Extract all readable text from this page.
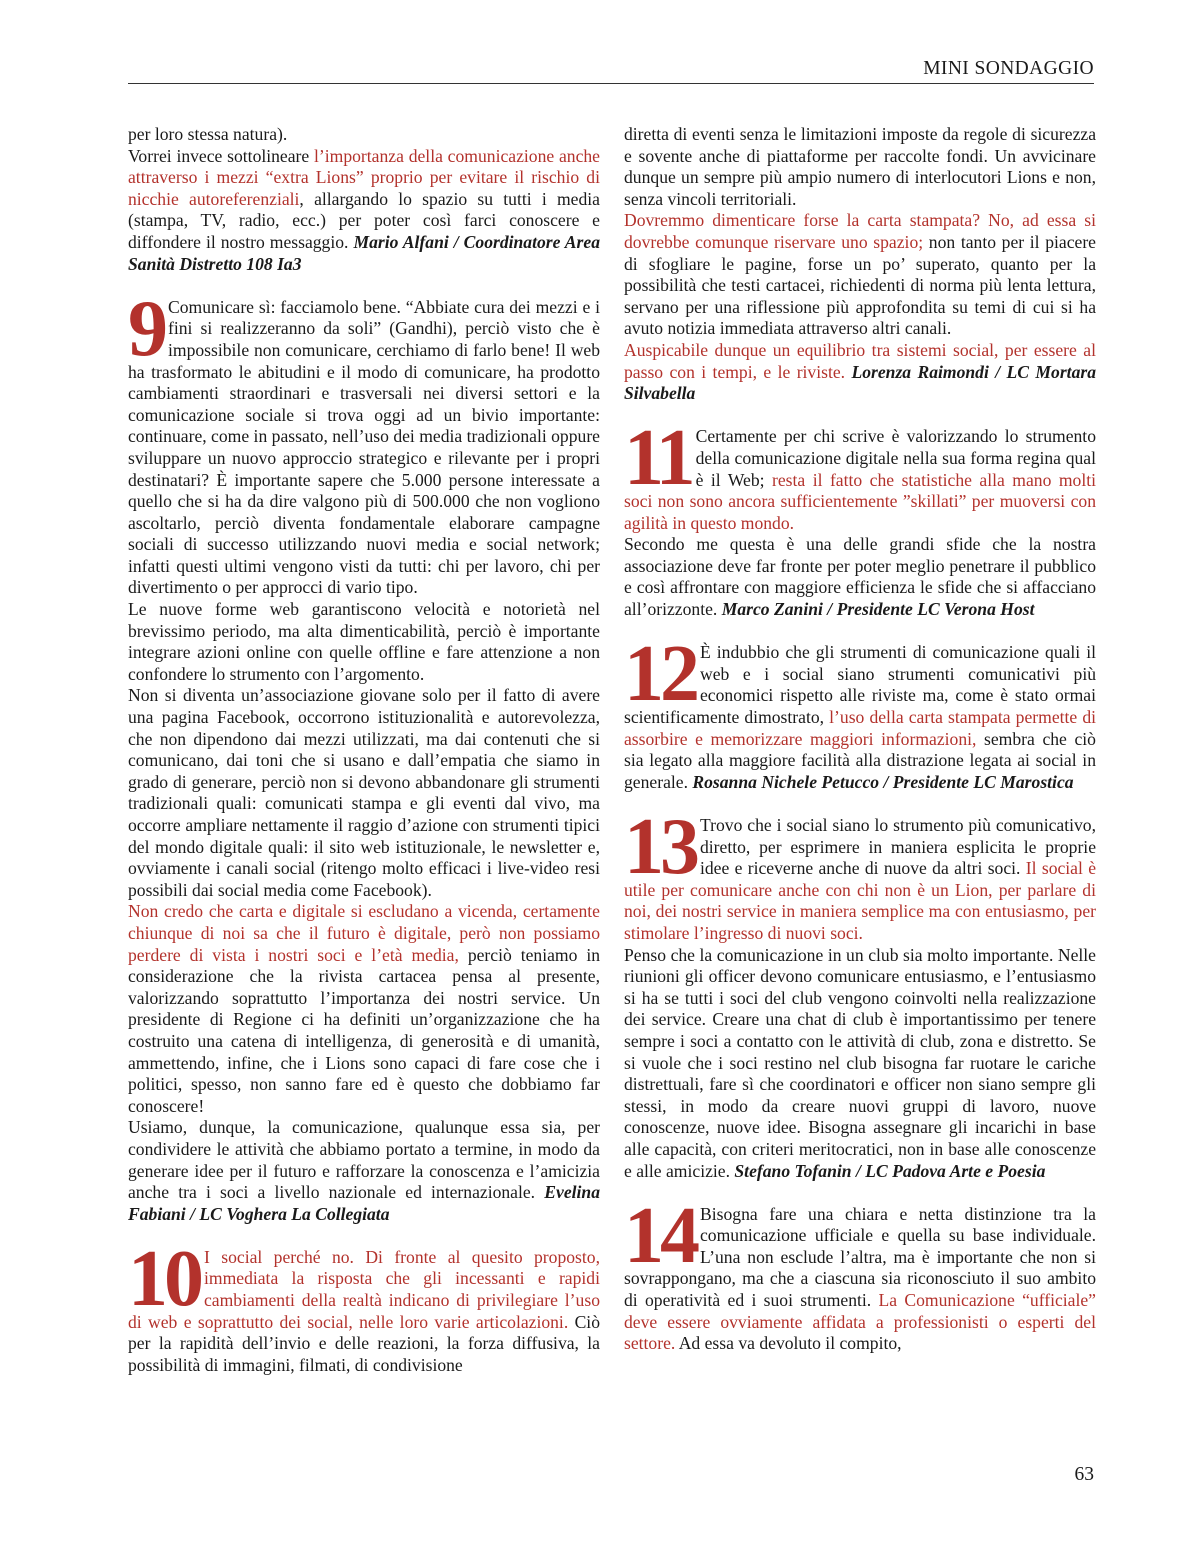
MINI SONDAGGIO

per loro stessa natura).

Vorrei invece sottolineare l’importanza della comunicazione anche attraverso i mezzi “extra Lions” proprio per evitare il rischio di nicchie autoreferenziali, allargando lo spazio su tutti i media (stampa, TV, radio, ecc.) per poter così farci conoscere e diffondere il nostro messaggio. Mario Alfani / Coordinatore Area Sanità Distretto 108 Ia3

9 Comunicare sì: facciamolo bene. “Abbiate cura dei mezzi e i fini si realizzeranno da soli” (Gandhi), perciò visto che è impossibile non comunicare, cerchiamo di farlo bene! Il web ha trasformato le abitudini e il modo di comunicare, ha prodotto cambiamenti straordinari e trasversali nei diversi settori e la comunicazione sociale si trova oggi ad un bivio importante: continuare, come in passato, nell’uso dei media tradizionali oppure sviluppare un nuovo approccio strategico e rilevante per i propri destinatari? È importante sapere che 5.000 persone interessate a quello che si ha da dire valgono più di 500.000 che non vogliono ascoltarlo, perciò diventa fondamentale elaborare campagne sociali di successo utilizzando nuovi media e social network; infatti questi ultimi vengono visti da tutti: chi per lavoro, chi per divertimento o per approcci di vario tipo.

Le nuove forme web garantiscono velocità e notorietà nel brevissimo periodo, ma alta dimenticabilità, perciò è importante integrare azioni online con quelle offline e fare attenzione a non confondere lo strumento con l’argomento.

Non si diventa un’associazione giovane solo per il fatto di avere una pagina Facebook, occorrono istituzionalità e autorevolezza, che non dipendono dai mezzi utilizzati, ma dai contenuti che si comunicano, dai toni che si usano e dall’empatia che siamo in grado di generare, perciò non si devono abbandonare gli strumenti tradizionali quali: comunicati stampa e gli eventi dal vivo, ma occorre ampliare nettamente il raggio d’azione con strumenti tipici del mondo digitale quali: il sito web istituzionale, le newsletter e, ovviamente i canali social (ritengo molto efficaci i live-video resi possibili dai social media come Facebook).

Non credo che carta e digitale si escludano a vicenda, certamente chiunque di noi sa che il futuro è digitale, però non possiamo perdere di vista i nostri soci e l’età media, perciò teniamo in considerazione che la rivista cartacea pensa al presente, valorizzando soprattutto l’importanza dei nostri service. Un presidente di Regione ci ha definiti un’organizzazione che ha costruito una catena di intelligenza, di generosità e di umanità, ammettendo, infine, che i Lions sono capaci di fare cose che i politici, spesso, non sanno fare ed è questo che dobbiamo far conoscere!

Usiamo, dunque, la comunicazione, qualunque essa sia, per condividere le attività che abbiamo portato a termine, in modo da generare idee per il futuro e rafforzare la conoscenza e l’amicizia anche tra i soci a livello nazionale ed internazionale. Evelina Fabiani / LC Voghera La Collegiata

10 I social perché no. Di fronte al quesito proposto, immediata la risposta che gli incessanti e rapidi cambiamenti della realtà indicano di privilegiare l’uso di web e soprattutto dei social, nelle loro varie articolazioni. Ciò per la rapidità dell’invio e delle reazioni, la forza diffusiva, la possibilità di immagini, filmati, di condivisione

diretta di eventi senza le limitazioni imposte da regole di sicurezza e sovente anche di piattaforme per raccolte fondi. Un avvicinare dunque un sempre più ampio numero di interlocutori Lions e non, senza vincoli territoriali.

Dovremmo dimenticare forse la carta stampata? No, ad essa si dovrebbe comunque riservare uno spazio; non tanto per il piacere di sfogliare le pagine, forse un po’ superato, quanto per la possibilità che testi cartacei, richiedenti di norma più lenta lettura, servano per una riflessione più approfondita su temi di cui si ha avuto notizia immediata attraverso altri canali.

Auspicabile dunque un equilibrio tra sistemi social, per essere al passo con i tempi, e le riviste. Lorenza Raimondi / LC Mortara Silvabella

11 Certamente per chi scrive è valorizzando lo strumento della comunicazione digitale nella sua forma regina qual è il Web; resta il fatto che statistiche alla mano molti soci non sono ancora sufficientemente ”skillati” per muoversi con agilità in questo mondo.

Secondo me questa è una delle grandi sfide che la nostra associazione deve far fronte per poter meglio penetrare il pubblico e così affrontare con maggiore efficienza le sfide che si affacciano all’orizzonte. Marco Zanini / Presidente LC Verona Host

12 È indubbio che gli strumenti di comunicazione quali il web e i social siano strumenti comunicativi più economici rispetto alle riviste ma, come è stato ormai scientificamente dimostrato, l’uso della carta stampata permette di assorbire e memorizzare maggiori informazioni, sembra che ciò sia legato alla maggiore facilità alla distrazione legata ai social in generale. Rosanna Nichele Petucco / Presidente LC Marostica

13 Trovo che i social siano lo strumento più comunicativo, diretto, per esprimere in maniera esplicita le proprie idee e riceverne anche di nuove da altri soci. Il social è utile per comunicare anche con chi non è un Lion, per parlare di noi, dei nostri service in maniera semplice ma con entusiasmo, per stimolare l’ingresso di nuovi soci.

Penso che la comunicazione in un club sia molto importante. Nelle riunioni gli officer devono comunicare entusiasmo, e l’entusiasmo si ha se tutti i soci del club vengono coinvolti nella realizzazione dei service. Creare una chat di club è importantissimo per tenere sempre i soci a contatto con le attività di club, zona e distretto. Se si vuole che i soci restino nel club bisogna far ruotare le cariche distrettuali, fare sì che coordinatori e officer non siano sempre gli stessi, in modo da creare nuovi gruppi di lavoro, nuove conoscenze, nuove idee. Bisogna assegnare gli incarichi in base alle capacità, con criteri meritocratici, non in base alle conoscenze e alle amicizie. Stefano Tofanin / LC Padova Arte e Poesia

14 Bisogna fare una chiara e netta distinzione tra la comunicazione ufficiale e quella su base individuale. L’una non esclude l’altra, ma è importante che non si sovrappongano, ma che a ciascuna sia riconosciuto il suo ambito di operatività ed i suoi strumenti. La Comunicazione “ufficiale” deve essere ovviamente affidata a professionisti o esperti del settore. Ad essa va devoluto il compito,

63
